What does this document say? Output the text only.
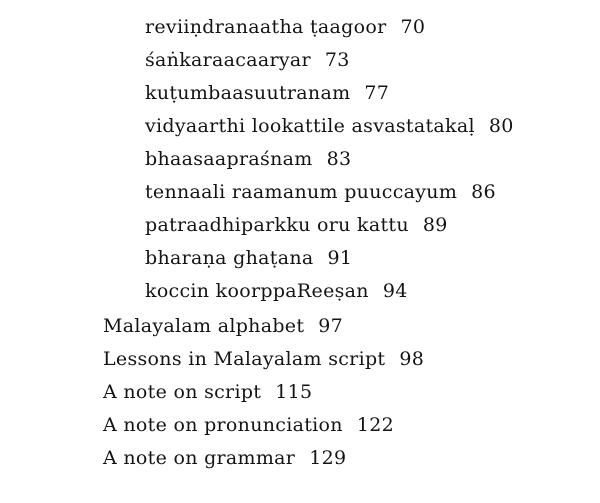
reviiṇdranaatha ṭaagoor 70
śaṅkaraacaaryar 73
kuṭumbaasuutranam 77
vidyaarthi lookattile asvastatakaḷ 80
bhaasaapraśnam 83
tennaali raamanum puuccayum 86
patraadhiparkku oru kattu 89
bharaṇa ghaṭana 91
koccin koorppaReeṣan 94
Malayalam alphabet 97
Lessons in Malayalam script 98
A note on script 115
A note on pronunciation 122
A note on grammar 129
